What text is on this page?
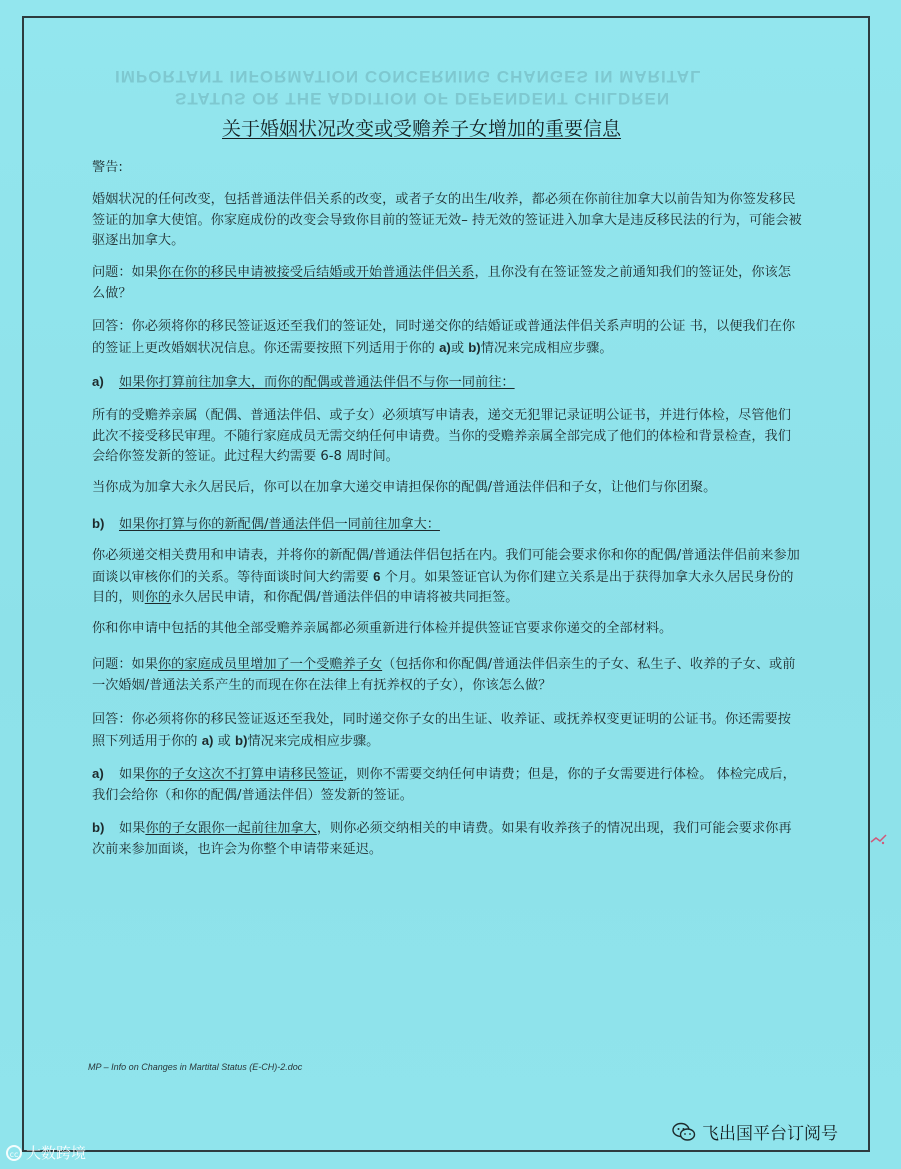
IMPORTANT INFORMATION CONCERNING CHANGES IN MARITAL
STATUS OR THE ADDITION OF DEPENDENT CHILDREN
关于婚姻状况改变或受赡养子女增加的重要信息
警告:
婚姻状况的任何改变，包括普通法伴侣关系的改变，或者子女的出生/收养，都必须在你前往加拿大以前告知为你签发移民签证的加拿大使馆。你家庭成份的改变会导致你目前的签证无效– 持无效的签证进入加拿大是违反移民法的行为，可能会被驱逐出加拿大。
问题：如果你在你的移民申请被接受后结婚或开始普通法伴侣关系，且你没有在签证签发之前通知我们的签证处，你该怎么做？
回答：你必须将你的移民签证返还至我们的签证处，同时递交你的结婚证或普通法伴侣关系声明的公证 书，以便我们在你的签证上更改婚姻状况信息。你还需要按照下列适用于你的 a)或 b)情况来完成相应步骤。
a) 如果你打算前往加拿大，而你的配偶或普通法伴侣不与你一同前往：
所有的受赡养亲属（配偶、普通法伴侣、或子女）必须填写申请表，递交无犯罪记录证明公证书，并进行体检，尽管他们此次不接受移民审理。不随行家庭成员无需交纳任何申请费。当你的受赡养亲属全部完成了他们的体检和背景检查，我们会给你签发新的签证。此过程大约需要 6-8 周时间。
当你成为加拿大永久居民后，你可以在加拿大递交申请担保你的配偶/普通法伴侣和子女，让他们与你团聚。
b) 如果你打算与你的新配偶/普通法伴侣一同前往加拿大：
你必须递交相关费用和申请表，并将你的新配偶/普通法伴侣包括在内。我们可能会要求你和你的配偶/普通法伴侣前来参加面谈以审核你们的关系。等待面谈时间大约需要 6 个月。如果签证官认为你们建立关系是出于获得加拿大永久居民身份的目的，则你的永久居民申请，和你配偶/普通法伴侣的申请将被共同拒签。
你和你申请中包括的其他全部受赡养亲属都必须重新进行体检并提供签证官要求你递交的全部材料。
问题：如果你的家庭成员里增加了一个受赡养子女（包括你和你配偶/普通法伴侣亲生的子女、私生子、收养的子女、或前一次婚姻/普通法关系产生的而现在你在法律上有抚养权的子女），你该怎么做？
回答：你必须将你的移民签证返还至我处，同时递交你子女的出生证、收养证、或抚养权变更证明的公证书。你还需要按照下列适用于你的 a) 或 b)情况来完成相应步骤。
a) 如果你的子女这次不打算申请移民签证，则你不需要交纳任何申请费；但是，你的子女需要进行体检。 体检完成后，我们会给你（和你的配偶/普通法伴侣）签发新的签证。
b) 如果你的子女跟你一起前往加拿大，则你必须交纳相关的申请费。如果有收养孩子的情况出现，我们可能会要求你再次前来参加面谈，也许会为你整个申请带来延迟。
MP – Info on Changes in Martital Status (E-CH)-2.doc
cc 大数跨境
飞出国平台订阅号
